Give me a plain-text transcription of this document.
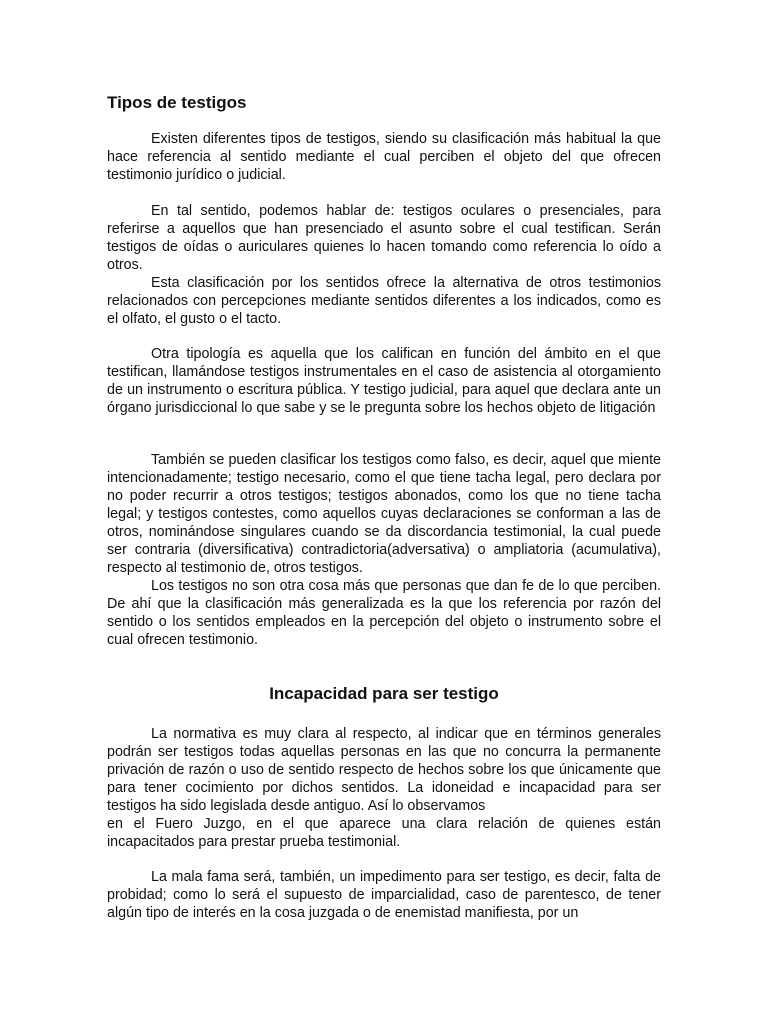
Tipos de testigos

Existen diferentes tipos de testigos, siendo su clasificación más habitual la que hace referencia al sentido mediante el cual perciben el objeto del que ofrecen testimonio jurídico o judicial.

En tal sentido, podemos hablar de: testigos oculares o presenciales, para referirse a aquellos que han presenciado el asunto sobre el cual testifican. Serán testigos de oídas o auriculares quienes lo hacen tomando como referencia lo oído a otros.

Esta clasificación por los sentidos ofrece la alternativa de otros testimonios relacionados con percepciones mediante sentidos diferentes a los indicados, como es el olfato, el gusto o el tacto.

Otra tipología es aquella que los califican en función del ámbito en el que testifican, llamándose testigos instrumentales en el caso de asistencia al otorgamiento de un instrumento o escritura pública. Y testigo judicial, para aquel que declara ante un órgano jurisdiccional lo que sabe y se le pregunta sobre los hechos objeto de litigación

También se pueden clasificar los testigos como falso, es decir, aquel que miente intencionadamente; testigo necesario, como el que tiene tacha legal, pero declara por no poder recurrir a otros testigos; testigos abonados, como los que no tiene tacha legal; y testigos contestes, como aquellos cuyas declaraciones se conforman a las de otros, nominándose singulares cuando se da discordancia testimonial, la cual puede ser contraria (diversificativa) contradictoria(adversativa) o ampliatoria (acumulativa), respecto al testimonio de, otros testigos.

Los testigos no son otra cosa más que personas que dan fe de lo que perciben. De ahí que la clasificación más generalizada es la que los referencia por razón del sentido o los sentidos empleados en la percepción del objeto o instrumento sobre el cual ofrecen testimonio.

Incapacidad para ser testigo

La normativa es muy clara al respecto, al indicar que en términos generales podrán ser testigos todas aquellas personas en las que no concurra la permanente privación de razón o uso de sentido respecto de hechos sobre los que únicamente que para tener cocimiento por dichos sentidos. La idoneidad e incapacidad para ser testigos ha sido legislada desde antiguo. Así lo observamos

en el Fuero Juzgo, en el que aparece una clara relación de quienes están incapacitados para prestar prueba testimonial.

La mala fama será, también, un impedimento para ser testigo, es decir, falta de probidad; como lo será el supuesto de imparcialidad, caso de parentesco, de tener algún tipo de interés en la cosa juzgada o de enemistad manifiesta, por un
